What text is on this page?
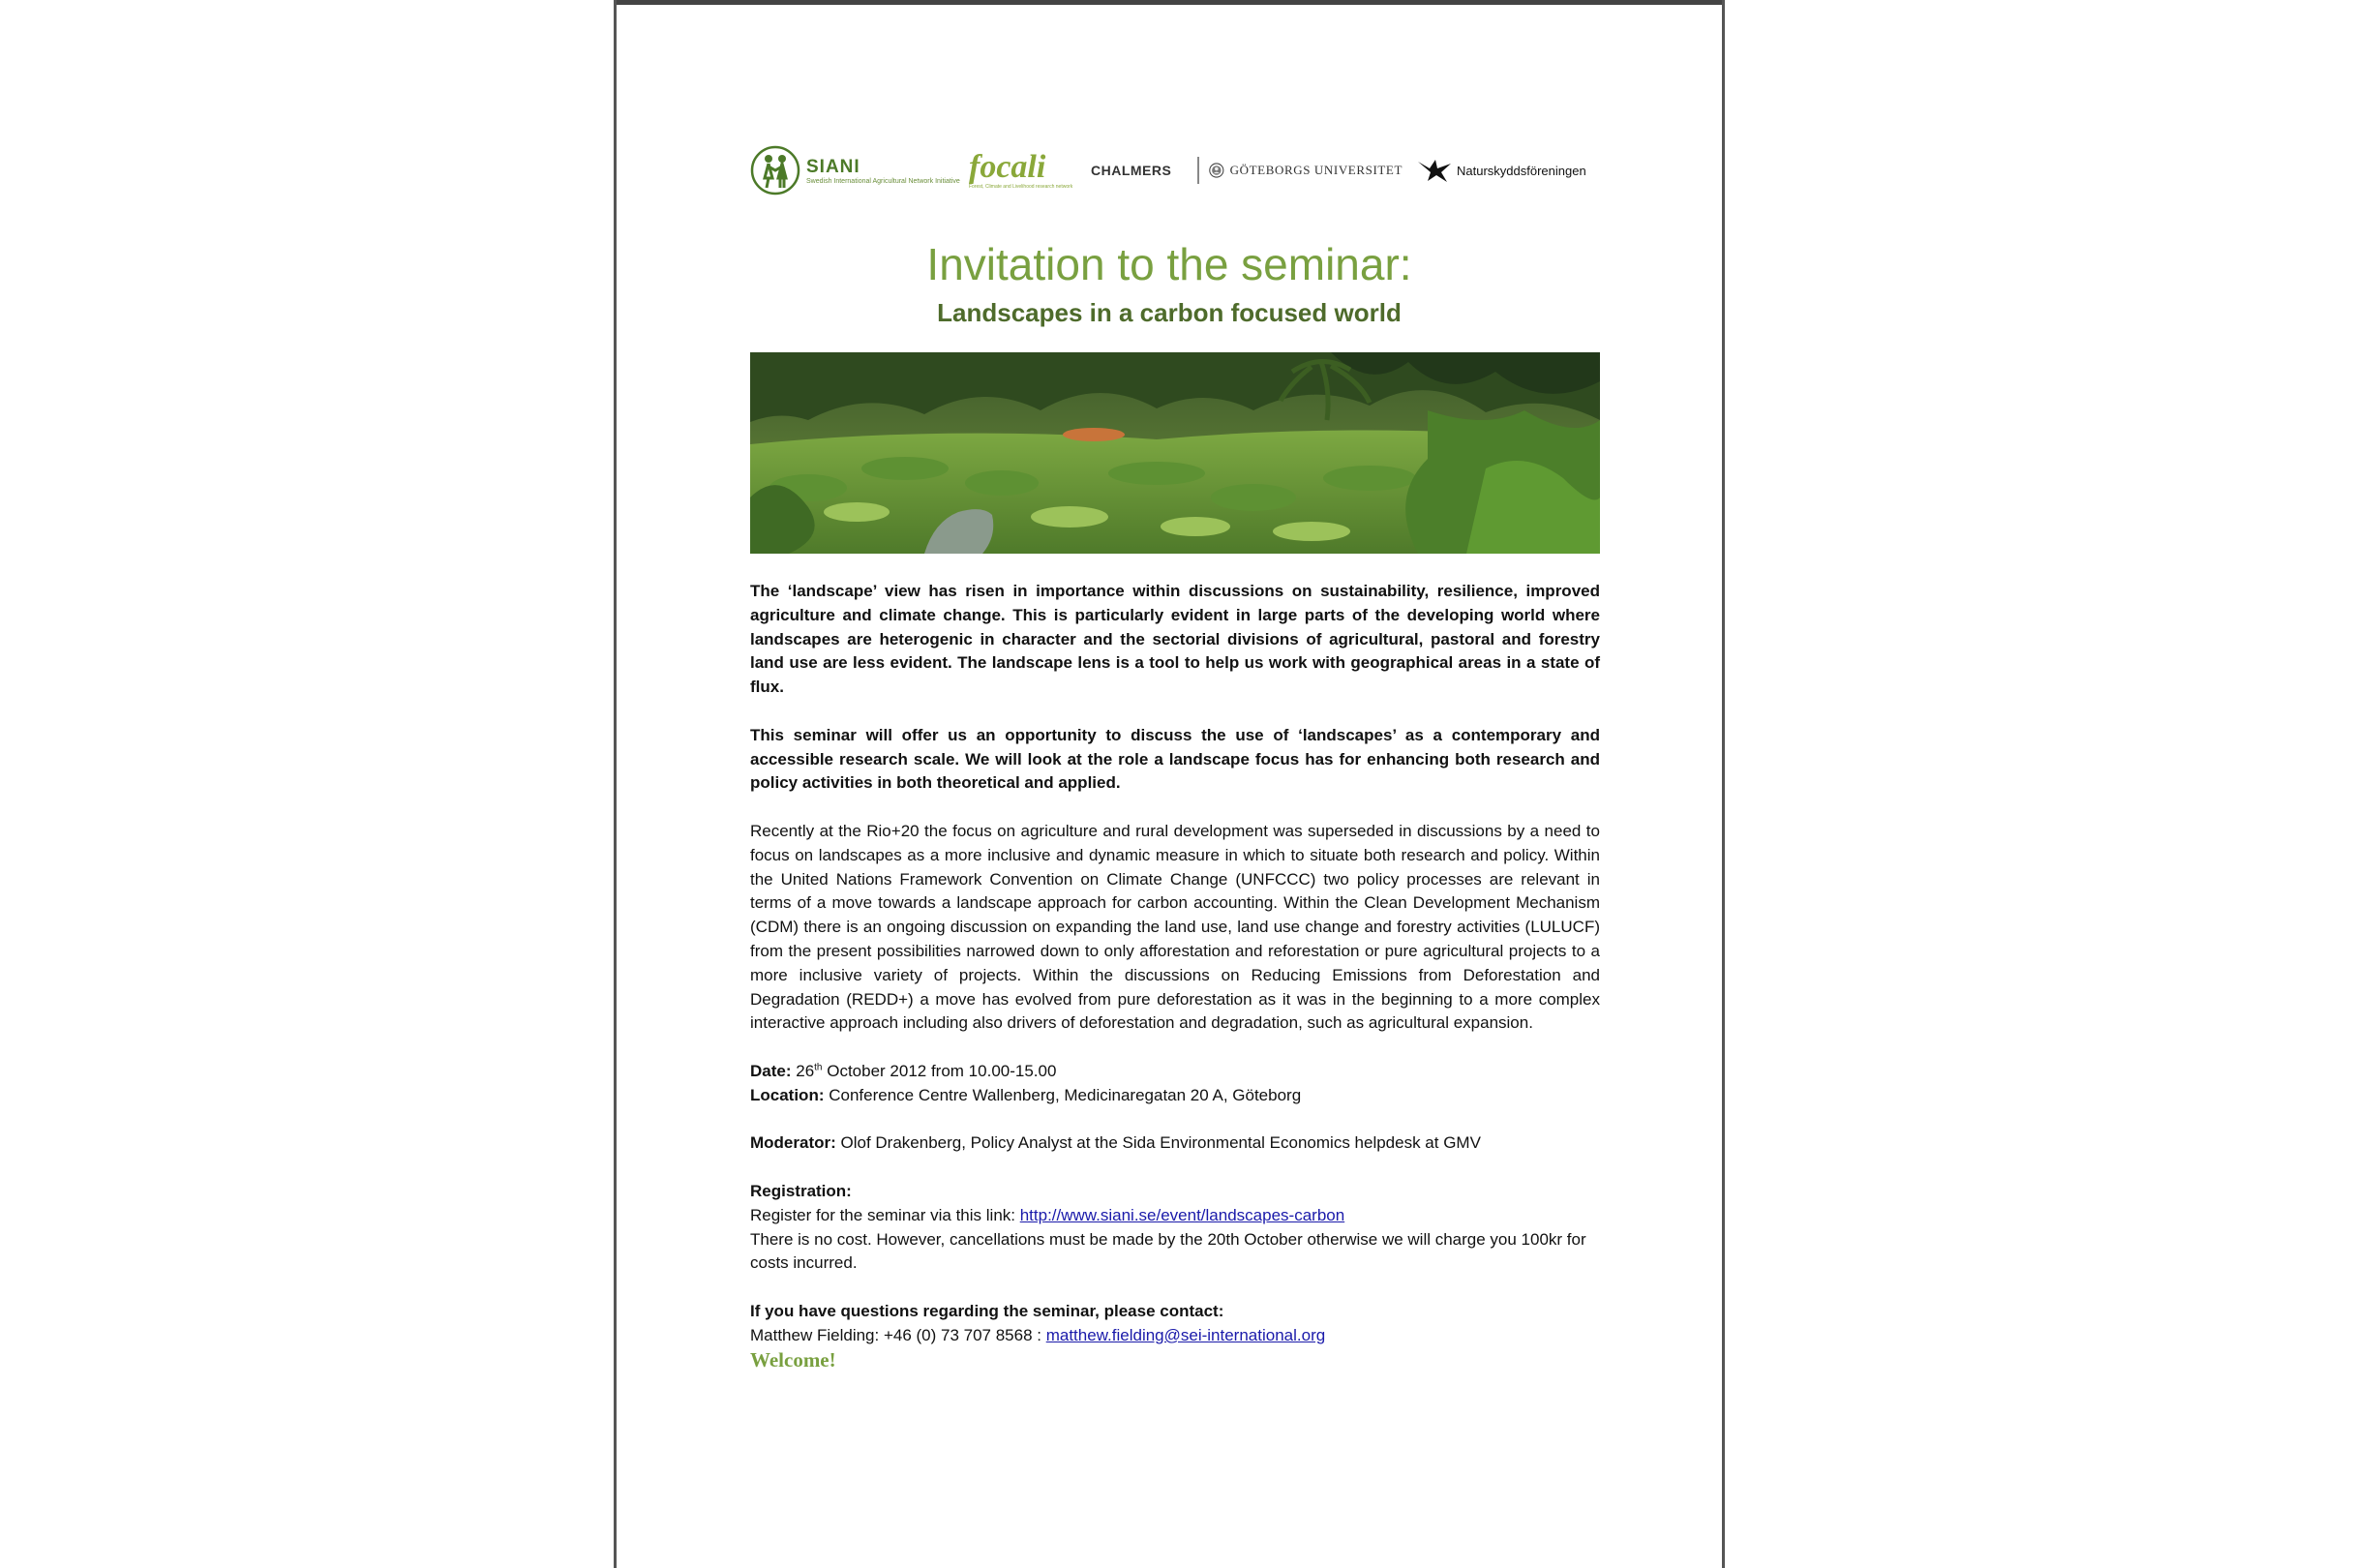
SIANI
Swedish International Agricultural Network Initiative focali
Forest, Climate and Livelihood research network
CHALMERS	GÖTEBORGS UNIVERSITET	Naturskyddsföreningen
Invitation to the seminar:
Landscapes in a carbon focused world

The ‘landscape’ view has risen in importance within discussions on sustainability, resilience, improved agriculture and climate change. This is particularly evident in large parts of the developing world where landscapes are heterogenic in character and the sectorial divisions of agricultural, pastoral and forestry land use are less evident. The landscape lens is a tool to help us work with geographical areas in a state of flux.

This seminar will offer us an opportunity to discuss the use of ‘landscapes’ as a contemporary and accessible research scale. We will look at the role a landscape focus has for enhancing both research and policy activities in both theoretical and applied.

Recently at the Rio+20 the focus on agriculture and rural development was superseded in discussions by a need to focus on landscapes as a more inclusive and dynamic measure in which to situate both research and policy. Within the United Nations Framework Convention on Climate Change (UNFCCC) two policy processes are relevant in terms of a move towards a landscape approach for carbon accounting. Within the Clean Development Mechanism (CDM) there is an ongoing discussion on expanding the land use, land use change and forestry activities (LULUCF) from the present possibilities narrowed down to only afforestation and reforestation or pure agricultural projects to a more inclusive variety of projects. Within the discussions on Reducing Emissions from Deforestation and Degradation (REDD+) a move has evolved from pure deforestation as it was in the beginning to a more complex interactive approach including also drivers of deforestation and degradation, such as agricultural expansion.

Date: 26th October 2012 from 10.00-15.00

Location: Conference Centre Wallenberg, Medicinaregatan 20 A, Göteborg

Moderator: Olof Drakenberg, Policy Analyst at the Sida Environmental Economics helpdesk at GMV

Registration:

Register for the seminar via this link: http://www.siani.se/event/landscapes-carbon

There is no cost. However, cancellations must be made by the 20th October otherwise we will charge you 100kr for costs incurred.

If you have questions regarding the seminar, please contact:

Matthew Fielding: +46 (0) 73 707 8568 : matthew.fielding@sei-international.org

Welcome!
